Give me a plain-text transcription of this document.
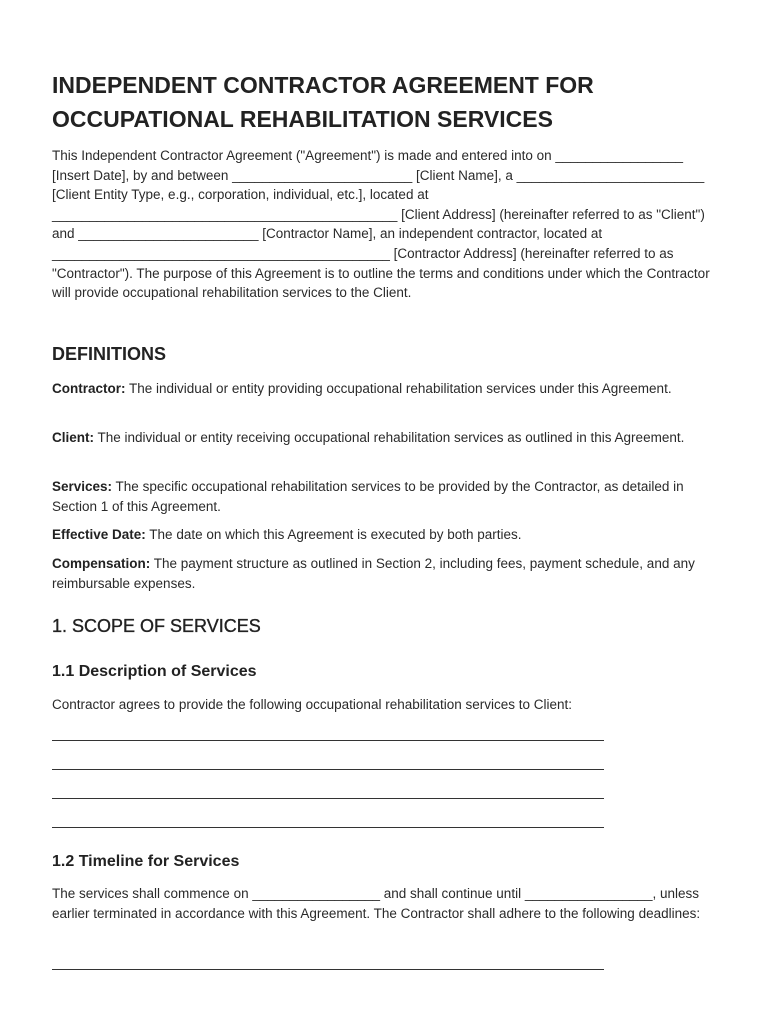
INDEPENDENT CONTRACTOR AGREEMENT FOR
OCCUPATIONAL REHABILITATION SERVICES

This Independent Contractor Agreement ("Agreement") is made and entered into on _________________ [Insert Date], by and between ________________________ [Client Name], a _________________________ [Client Entity Type, e.g., corporation, individual, etc.], located at ______________________________________________ [Client Address] (hereinafter referred to as "Client") and ________________________ [Contractor Name], an independent contractor, located at _____________________________________________ [Contractor Address] (hereinafter referred to as "Contractor"). The purpose of this Agreement is to outline the terms and conditions under which the Contractor will provide occupational rehabilitation services to the Client.

DEFINITIONS

Contractor: The individual or entity providing occupational rehabilitation services under this Agreement.

Client: The individual or entity receiving occupational rehabilitation services as outlined in this Agreement.

Services: The specific occupational rehabilitation services to be provided by the Contractor, as detailed in Section 1 of this Agreement.

Effective Date: The date on which this Agreement is executed by both parties.

Compensation: The payment structure as outlined in Section 2, including fees, payment schedule, and any reimbursable expenses.

1. SCOPE OF SERVICES
1.1 Description of Services

Contractor agrees to provide the following occupational rehabilitation services to Client:

1.2 Timeline for Services

The services shall commence on _________________ and shall continue until _________________, unless earlier terminated in accordance with this Agreement. The Contractor shall adhere to the following deadlines:
